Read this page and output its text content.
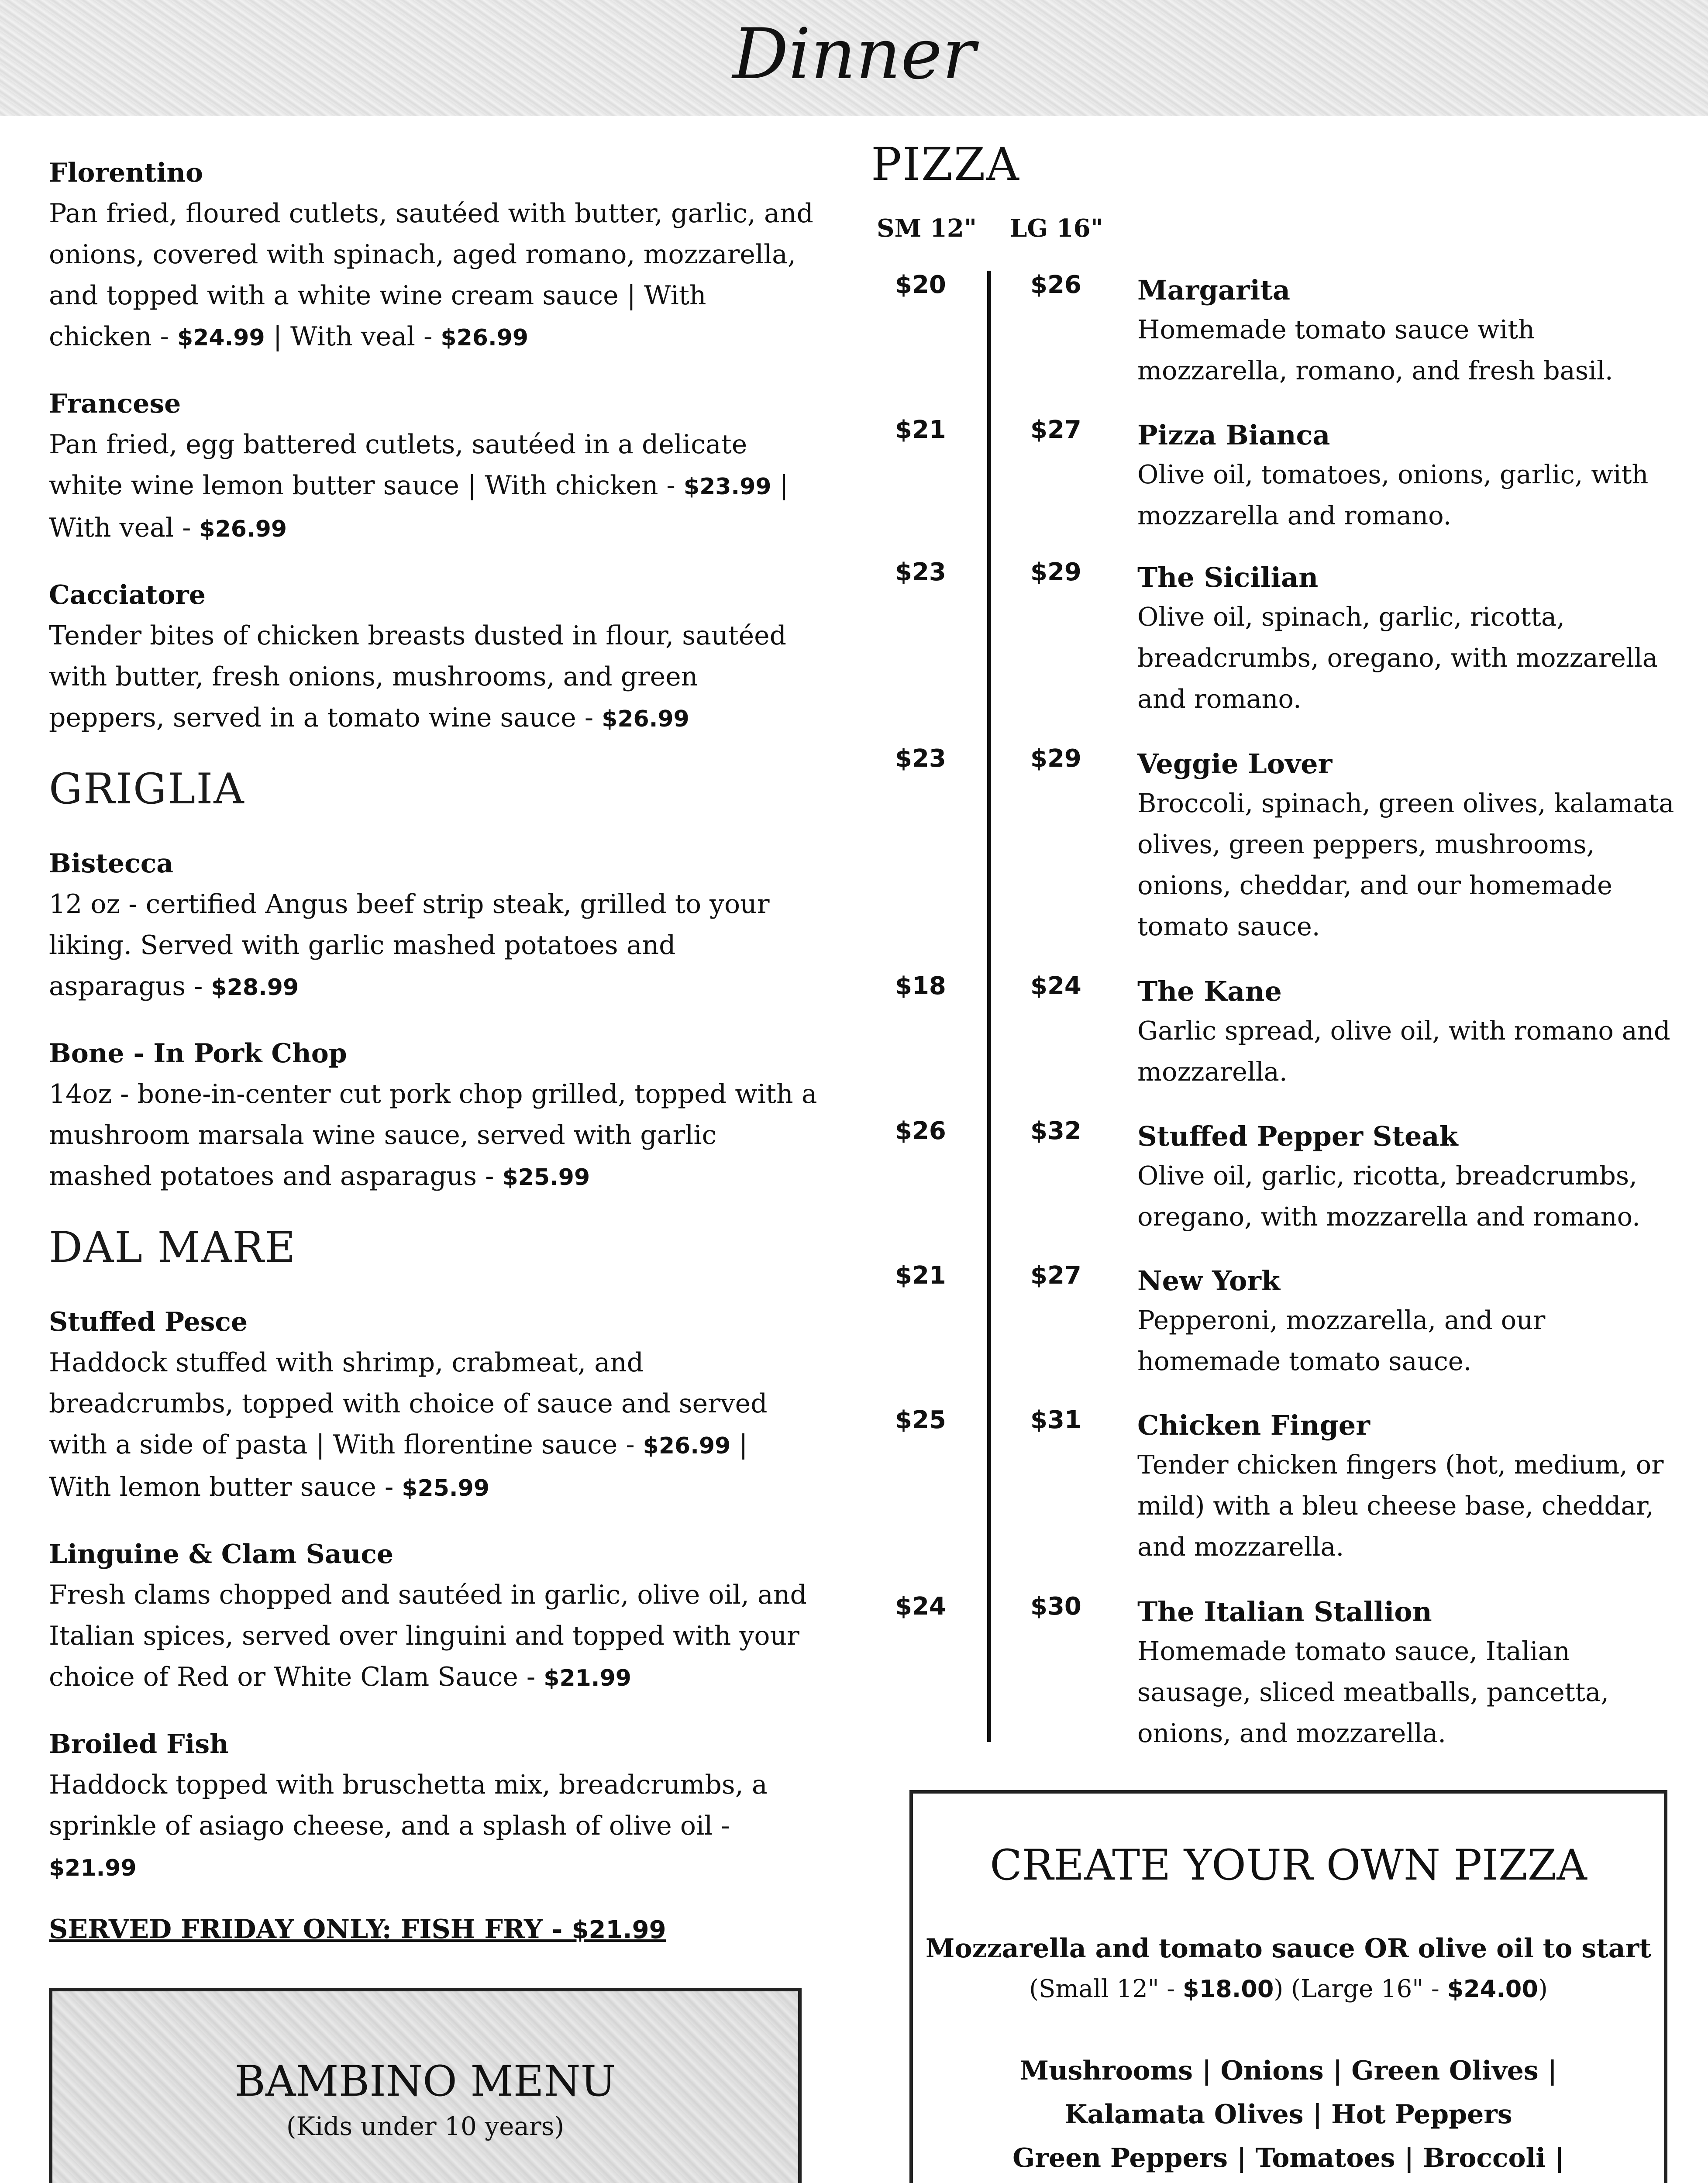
Dinner
Florentino
Pan fried, floured cutlets, sautéed with butter, garlic, and onions, covered with spinach, aged romano, mozzarella, and topped with a white wine cream sauce | With chicken - $24.99 | With veal - $26.99
Francese
Pan fried, egg battered cutlets, sautéed in a delicate white wine lemon butter sauce | With chicken - $23.99 | With veal - $26.99
Cacciatore
Tender bites of chicken breasts dusted in flour, sautéed with butter, fresh onions, mushrooms, and green peppers, served in a tomato wine sauce - $26.99
GRIGLIA
Bistecca
12 oz - certified Angus beef strip steak, grilled to your liking. Served with garlic mashed potatoes and asparagus - $28.99
Bone - In Pork Chop
14oz - bone-in-center cut pork chop grilled, topped with a mushroom marsala wine sauce, served with garlic mashed potatoes and asparagus - $25.99
DAL MARE
Stuffed Pesce
Haddock stuffed with shrimp, crabmeat, and breadcrumbs, topped with choice of sauce and served with a side of pasta | With florentine sauce - $26.99 | With lemon butter sauce - $25.99
Linguine & Clam Sauce
Fresh clams chopped and sautéed in garlic, olive oil, and Italian spices, served over linguini and topped with your choice of Red or White Clam Sauce - $21.99
Broiled Fish
Haddock topped with bruschetta mix, breadcrumbs, a sprinkle of asiago cheese, and a splash of olive oil - $21.99
SERVED FRIDAY ONLY: FISH FRY - $21.99
BAMBINO MENU
(Kids under 10 years)
PIZZA
SM 12" LG 16"
$20	$26 Margarita
Homemade tomato sauce with mozzarella, romano, and fresh basil.
$21	$27 Pizza Bianca
Olive oil, tomatoes, onions, garlic, with mozzarella and romano.
$23	$29 The Sicilian
Olive oil, spinach, garlic, ricotta, breadcrumbs, oregano, with mozzarella and romano.
$23	$29 Veggie Lover
Broccoli, spinach, green olives, kalamata olives, green peppers, mushrooms, onions, cheddar, and our homemade tomato sauce.
$18	$24 The Kane
Garlic spread, olive oil, with romano and mozzarella.
$26	$32 Stuffed Pepper Steak
Olive oil, garlic, ricotta, breadcrumbs, oregano, with mozzarella and romano.
$21	$27 New York
Pepperoni, mozzarella, and our homemade tomato sauce.
$25	$31 Chicken Finger
Tender chicken fingers (hot, medium, or mild) with a bleu cheese base, cheddar, and mozzarella.
$24	$30 The Italian Stallion
Homemade tomato sauce, Italian sausage, sliced meatballs, pancetta, onions, and mozzarella.
CREATE YOUR OWN PIZZA
Mozzarella and tomato sauce OR olive oil to start
(Small 12" - $18.00) (Large 16" - $24.00)
Mushrooms | Onions | Green Olives |
Kalamata Olives | Hot Peppers
Green Peppers | Tomatoes | Broccoli |
